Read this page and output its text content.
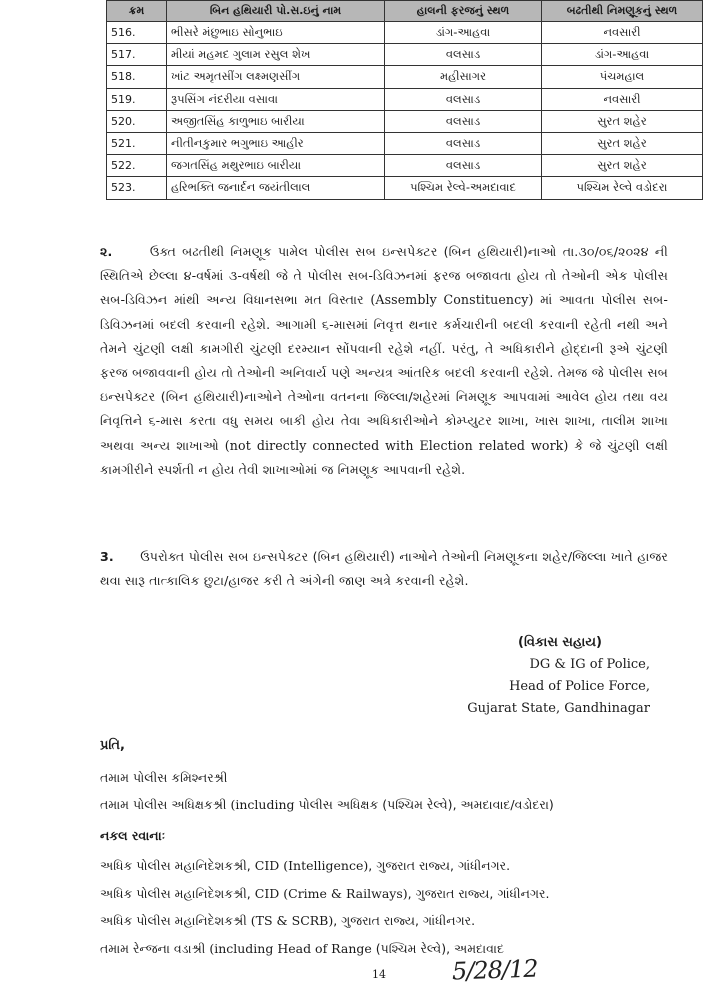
ક્રમ	બિન હથિયારી પો.સ.ઇનું નામ	હાલની ફરજનું સ્થળ	બઢતીથી નિમણૂકનું સ્થળ
516.	ભીસરે મંછુભાઇ સોનુભાઇ	ડાંગ-આહવા	નવસારી
517.	મીયાં મહમદ ગુલામ રસુલ શેખ	વલસાડ	ડાંગ-આહવા
518.	ખાંટ અમૃતસીંગ લક્ષ્મણસીંગ	મહીસાગર	પંચમહાલ
519.	રૂપસિંગ નંદરીયા વસાવા	વલસાડ	નવસારી
520.	અજીતસિંહ કાળુભાઇ બારીયા	વલસાડ	સુરત શહેર
521.	નીતીનકુમાર ભગુભાઇ આહીર	વલસાડ	સુરત શહેર
522.	જગતસિંહ મથુરભાઇ બારીયા	વલસાડ	સુરત શહેર
523.	હરિભક્તિ જનાર્દન જયંતીલાલ	પશ્ચિમ રેલ્વે-અમદાવાદ	પશ્ચિમ રેલ્વે વડોદરા
૨.	ઉક્ત બઢતીથી નિમણૂક પામેલ પોલીસ સબ ઇન્સપેક્ટર (બિન હથિયારી)નાઓ તા.૩૦/૦૬/૨૦૨૪ ની સ્થિતિએ છેલ્લા ૪-વર્ષમાં ૩-વર્ષથી જે તે પોલીસ સબ-ડિવિઝનમાં ફરજ બજાવતા હોય તો તેઓની એક પોલીસ સબ-ડિવિઝન માંથી અન્ય વિધાનસભા મત વિસ્તાર (Assembly Constituency) માં આવતા પોલીસ સબ-ડિવિઝનમાં બદલી કરવાની રહેશે. આગામી ૬-માસમાં નિવૃત્ત થનાર કર્મચારીની બદલી કરવાની રહેતી નથી અને તેમને ચુંટણી લક્ષી કામગીરી ચુંટણી દરમ્યાન સોંપવાની રહેશે નહીં. પરંતુ, તે અધિકારીને હોદ્દાની રૂએ ચુંટણી ફરજ બજાવવાની હોય તો તેઓની અનિવાર્ય પણે અન્યત્ર આંતરિક બદલી કરવાની રહેશે. તેમજ જે પોલીસ સબ ઇન્સપેક્ટર (બિન હથિયારી)નાઓને તેઓના વતનના જિલ્લા/શહેરમાં નિમણૂક આપવામાં આવેલ હોય તથા વય નિવૃત્તિને ૬-માસ કરતા વધુ સમય બાકી હોય તેવા અધિકારીઓને કોમ્પ્યુટર શાખા, ખાસ શાખા, તાલીમ શાખા અથવા અન્ય શાખાઓ (not directly connected with Election related work) કે જે ચુંટણી લક્ષી કામગીરીને સ્પર્શતી ન હોય તેવી શાખાઓમાં જ નિમણૂક આપવાની રહેશે.
3. ઉપરોક્ત પોલીસ સબ ઇન્સપેક્ટર (બિન હથિયારી) નાઓને તેઓની નિમણૂકના શહેર/જિલ્લા ખાતે હાજર થવા સારૂ તાત્કાલિક છુટા/હાજર કરી તે અંગેની જાણ અત્રે કરવાની રહેશે.
(વિકાસ સહાય)
DG & IG of Police,
Head of Police Force,
Gujarat State, Gandhinagar
પ્રતિ,
તમામ પોલીસ કમિશ્નરશ્રી
તમામ પોલીસ અધિક્ષકશ્રી (including પોલીસ અધિક્ષક (પશ્ચિમ રેલ્વે), અમદાવાદ/વડોદરા)
નકલ રવાનાઃ
અધિક પોલીસ મહાનિદેશકશ્રી, CID (Intelligence), ગુજરાત રાજ્ય, ગાંધીનગર.
અધિક પોલીસ મહાનિદેશકશ્રી, CID (Crime & Railways), ગુજરાત રાજ્ય, ગાંધીનગર.
અધિક પોલીસ મહાનિદેશકશ્રી (TS & SCRB), ગુજરાત રાજ્ય, ગાંધીનગર.
તમામ રેન્જના વડાશ્રી (including Head of Range (પશ્ચિમ રેલ્વે), અમદાવાદ
14	5/28/12
